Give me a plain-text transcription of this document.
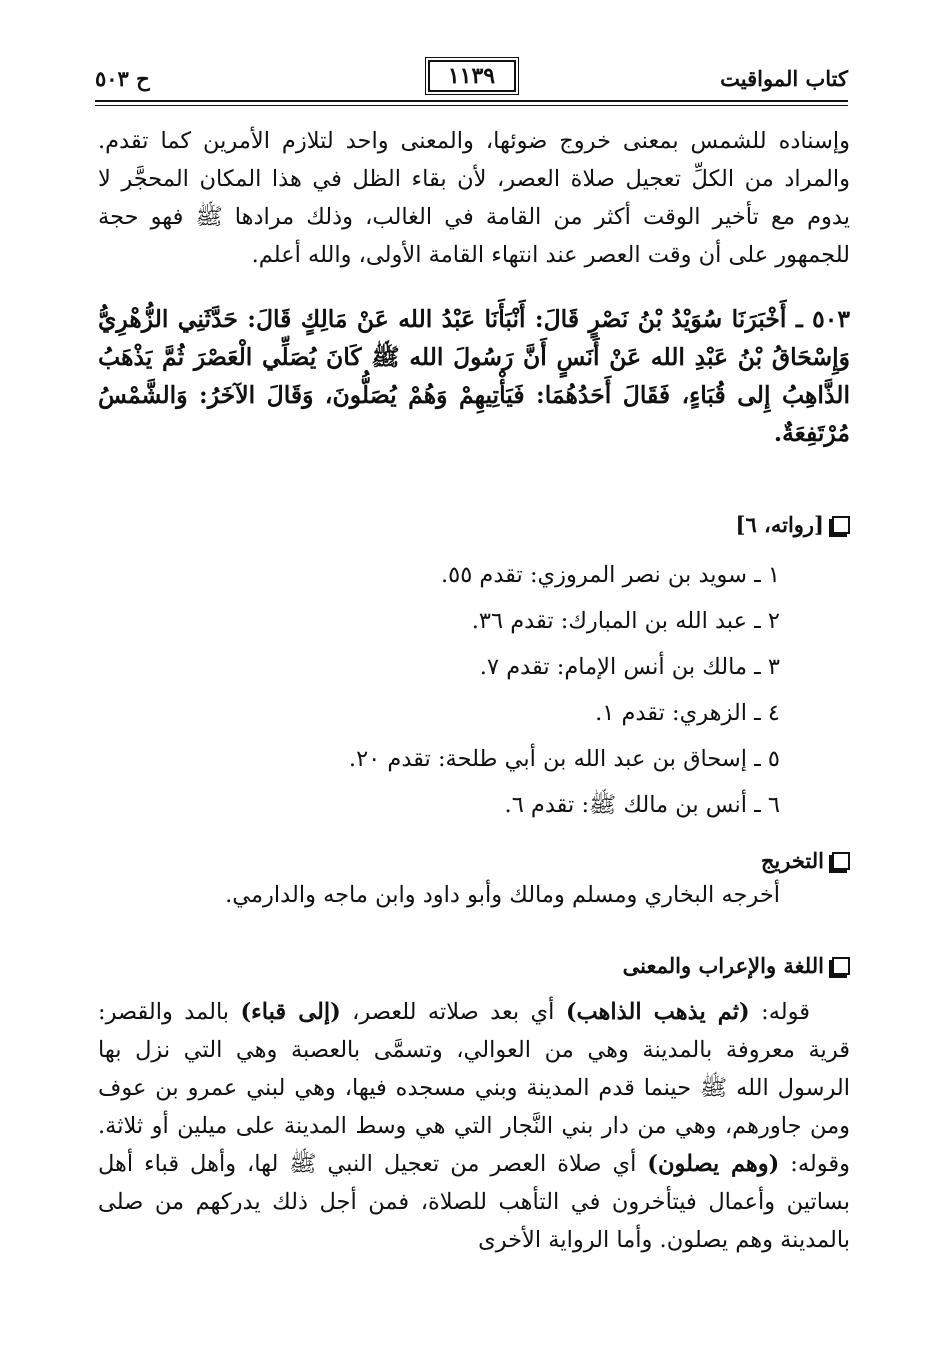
كتاب المواقيت
١١٣٩
ح ٥٠٣
وإسناده للشمس بمعنى خروج ضوئها، والمعنى واحد لتلازم الأمرين كما تقدم. والمراد من الكلِّ تعجيل صلاة العصر، لأن بقاء الظل في هذا المكان المحجَّر لا يدوم مع تأخير الوقت أكثر من القامة في الغالب، وذلك مرادها ﷺ فهو حجة للجمهور على أن وقت العصر عند انتهاء القامة الأولى، والله أعلم.
٥٠٣ ـ أَخْبَرَنَا سُوَيْدُ بْنُ نَصْرٍ قَالَ: أَنْبَأَنَا عَبْدُ الله عَنْ مَالِكٍ قَالَ: حَدَّثَنِي الزُّهْرِيُّ وَإِسْحَاقُ بْنُ عَبْدِ الله عَنْ أَنَسٍ أَنَّ رَسُولَ الله ﷺ كَانَ يُصَلِّي الْعَصْرَ ثُمَّ يَذْهَبُ الذَّاهِبُ إِلى قُبَاءٍ، فَقَالَ أَحَدُهُمَا: فَيَأْتِيهِمْ وَهُمْ يُصَلُّونَ، وَقَالَ الآخَرُ: وَالشَّمْسُ مُرْتَفِعَةٌ.
[رواته، ٦]
١ ـ سويد بن نصر المروزي: تقدم ٥٥.
٢ ـ عبد الله بن المبارك: تقدم ٣٦.
٣ ـ مالك بن أنس الإمام: تقدم ٧.
٤ ـ الزهري: تقدم ١.
٥ ـ إسحاق بن عبد الله بن أبي طلحة: تقدم ٢٠.
٦ ـ أنس بن مالك ﷺ: تقدم ٦.
التخريج
أخرجه البخاري ومسلم ومالك وأبو داود وابن ماجه والدارمي.
اللغة والإعراب والمعنى
قوله: (ثم يذهب الذاهب) أي بعد صلاته للعصر، (إلى قباء) بالمد والقصر: قرية معروفة بالمدينة وهي من العوالي، وتسمَّى بالعصبة وهي التي نزل بها الرسول الله ﷺ حينما قدم المدينة وبني مسجده فيها، وهي لبني عمرو بن عوف ومن جاورهم، وهي من دار بني النَّجار التي هي وسط المدينة على ميلين أو ثلاثة. وقوله: (وهم يصلون) أي صلاة العصر من تعجيل النبي ﷺ لها، وأهل قباء أهل بساتين وأعمال فيتأخرون في التأهب للصلاة، فمن أجل ذلك يدركهم من صلى بالمدينة وهم يصلون. وأما الرواية الأخرى
